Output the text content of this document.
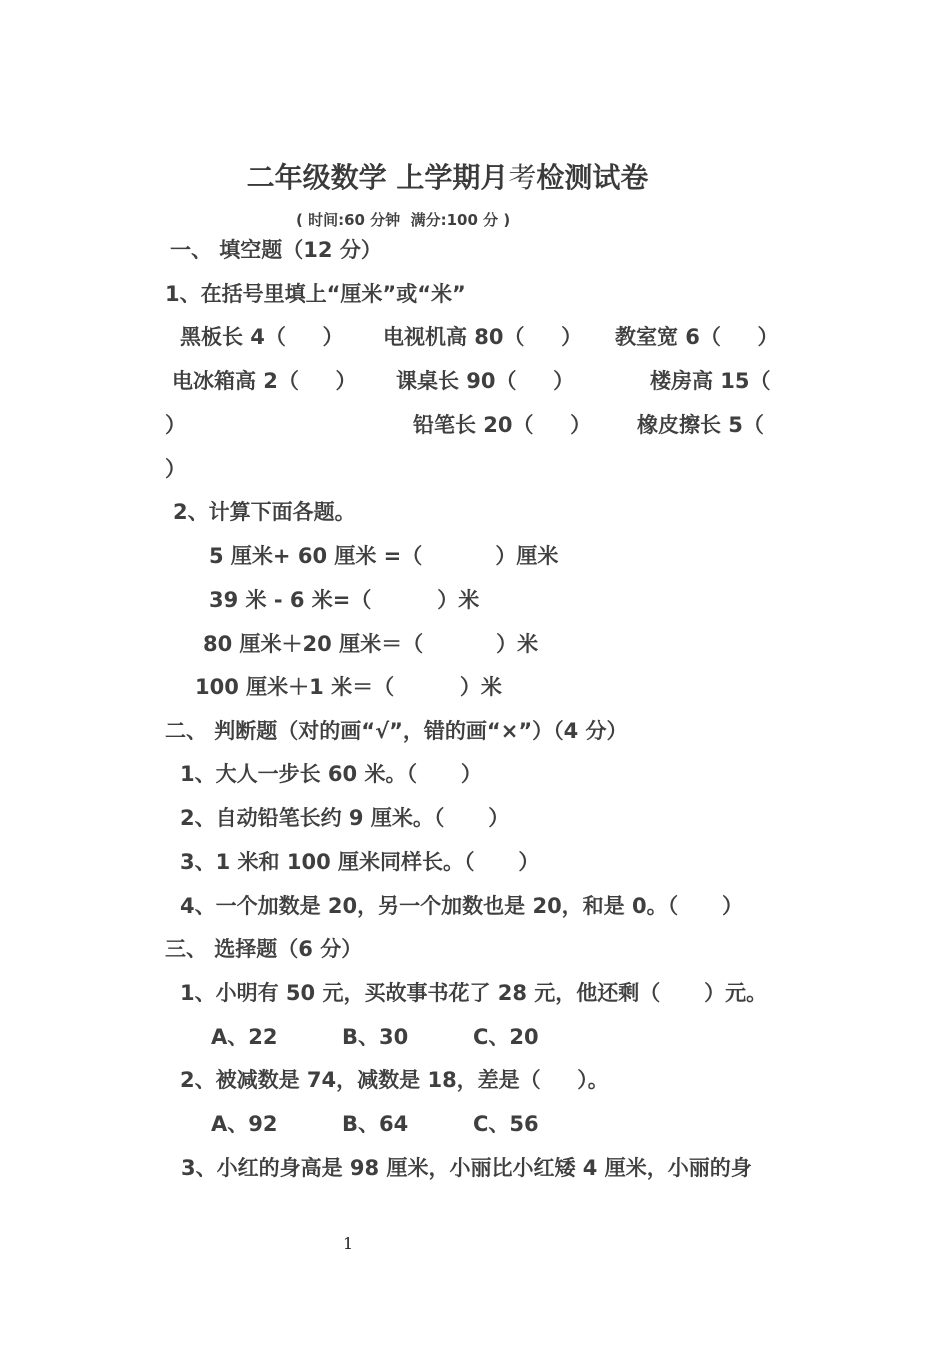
二年级数学 上学期月考检测试卷
( 时间:60 分钟  满分:100 分 )
一、 填空题（12 分）
1、在括号里填上“厘米”或“米”
黑板长 4（     ） 电视机高 80（     ） 教室宽 6（     ）
电冰箱高 2（     ） 课桌长 90（     ）	楼房高 15（
）	铅笔长 20（     ） 橡皮擦长 5（
）
2、计算下面各题。
5 厘米+ 60 厘米 =（          ）厘米
39 米 - 6 米=（         ）米
80 厘米＋20 厘米＝（          ）米
100 厘米＋1 米＝（         ）米
二、 判断题（对的画“√”，错的画“×”）（4 分）
1、大人一步长 60 米。（      ）
2、自动铅笔长约 9 厘米。（      ）
3、1 米和 100 厘米同样长。（      ）
4、一个加数是 20，另一个加数也是 20，和是 0。（      ）
三、 选择题（6 分）
1、小明有 50 元，买故事书花了 28 元，他还剩（      ）元。
A、22	B、30	C、20
2、被减数是 74，减数是 18，差是（     ）。
A、92	B、64	C、56
3、小红的身高是 98 厘米，小丽比小红矮 4 厘米，小丽的身
1
